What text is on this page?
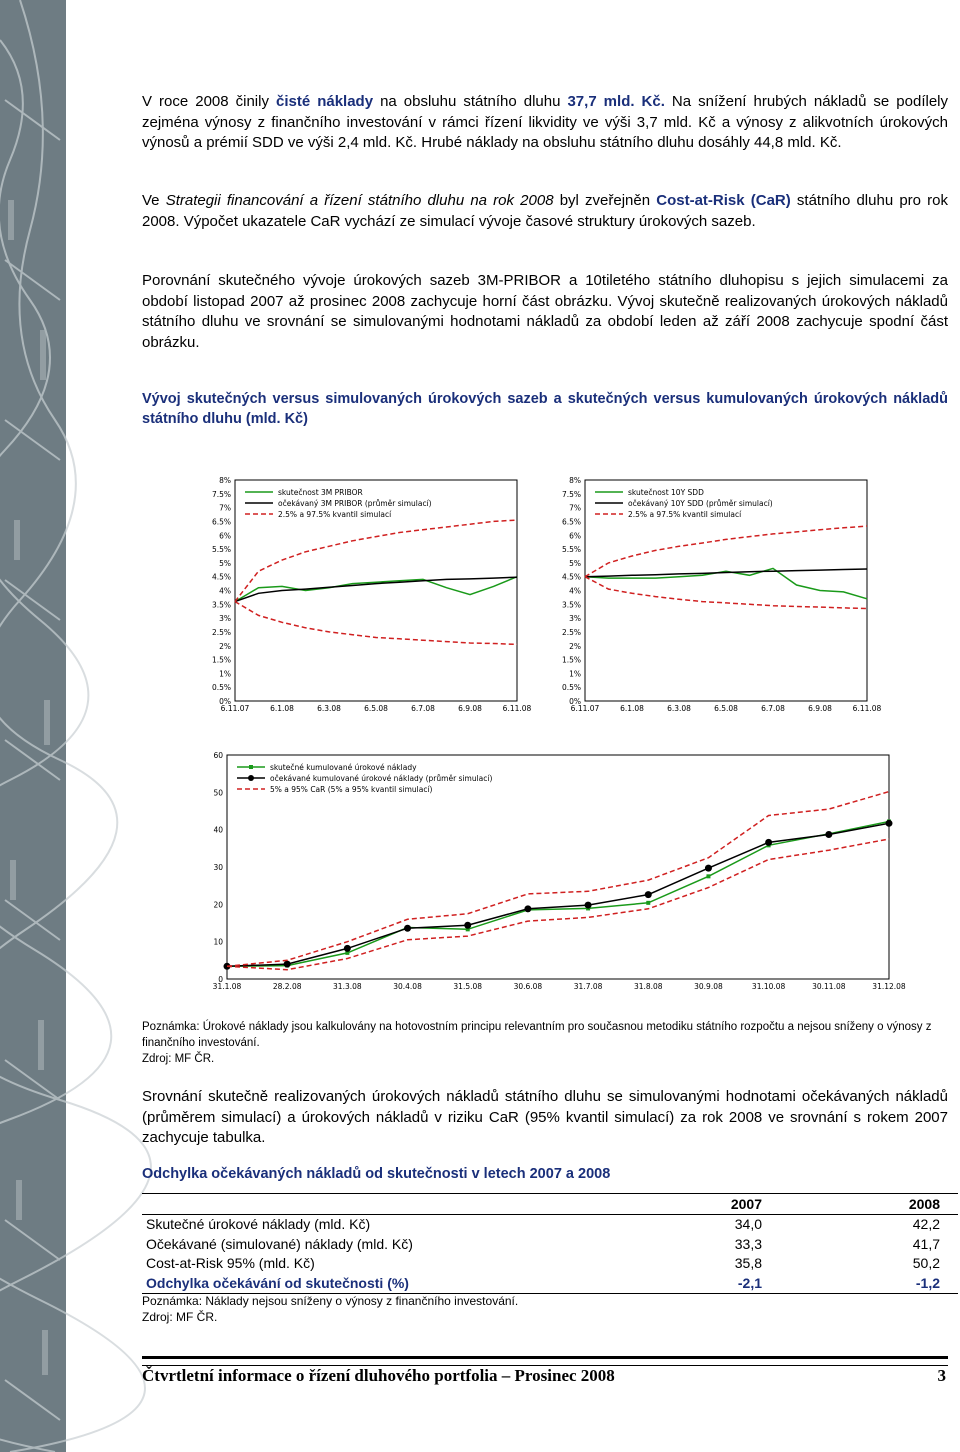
V roce 2008 činily čisté náklady na obsluhu státního dluhu 37,7 mld. Kč. Na snížení hrubých nákladů se podílely zejména výnosy z finančního investování v rámci řízení likvidity ve výši 3,7 mld. Kč a výnosy z alikvotních úrokových výnosů a prémií SDD ve výši 2,4 mld. Kč. Hrubé náklady na obsluhu státního dluhu dosáhly 44,8 mld. Kč.

Ve Strategii financování a řízení státního dluhu na rok 2008 byl zveřejněn Cost-at-Risk (CaR) státního dluhu pro rok 2008. Výpočet ukazatele CaR vychází ze simulací vývoje časové struktury úrokových sazeb.

Porovnání skutečného vývoje úrokových sazeb 3M-PRIBOR a 10tiletého státního dluhopisu s jejich simulacemi za období listopad 2007 až prosinec 2008 zachycuje horní část obrázku. Vývoj skutečně realizovaných úrokových nákladů státního dluhu ve srovnání se simulovanými hodnotami nákladů za období leden až září 2008 zachycuje spodní část obrázku.

Vývoj skutečných versus simulovaných úrokových sazeb a skutečných versus kumulovaných úrokových nákladů státního dluhu (mld. Kč)

0%
0.5%
1%
1.5%
2%
2.5%
3%
3.5%
4%
4.5%
5%
5.5%
6%
6.5%
7%
7.5%
8%
6.11.07	6.1.08	6.3.08	6.5.08	6.7.08	6.9.08	6.11.08
skutečnost 3M PRIBOR
očekávaný 3M PRIBOR (průměr simulací)
2.5% a 97.5% kvantil simulací
0%
0.5%
1%
1.5%
2%
2.5%
3%
3.5%
4%
4.5%
5%
5.5%
6%
6.5%
7%
7.5%
8%
6.11.07	6.1.08	6.3.08	6.5.08	6.7.08	6.9.08	6.11.08
skutečnost 10Y SDD
očekávaný 10Y SDD (průměr simulací)
2.5% a 97.5% kvantil simulací
0
10
20
30
40
50
60
31.1.08	28.2.08	31.3.08	30.4.08	31.5.08	30.6.08	31.7.08	31.8.08	30.9.08	31.10.08	30.11.08	31.12.08
skutečné kumulované úrokové náklady
očekávané kumulované úrokové náklady (průměr simulací)
5% a 95% CaR (5% a 95% kvantil simulací)

Poznámka: Úrokové náklady jsou kalkulovány na hotovostním principu relevantním pro současnou metodiku státního rozpočtu a nejsou sníženy o výnosy z finančního investování.

Zdroj: MF ČR.

Srovnání skutečně realizovaných úrokových nákladů státního dluhu se simulovanými hodnotami očekávaných nákladů (průměrem simulací) a úrokových nákladů v riziku CaR (95% kvantil simulací) za rok 2008 ve srovnání s rokem 2007 zachycuje tabulka.

Odchylka očekávaných nákladů od skutečnosti v letech 2007 a 2008

	2007	2008
Skutečné úrokové náklady (mld. Kč)	34,0	42,2
Očekávané (simulované) náklady (mld. Kč)	33,3	41,7
Cost-at-Risk 95% (mld. Kč)	35,8	50,2
Odchylka očekávání od skutečnosti (%)	-2,1	-1,2

Poznámka: Náklady nejsou sníženy o výnosy z finančního investování.

Zdroj: MF ČR.

Čtvrtletní informace o řízení dluhového portfolia – Prosinec 2008	3
